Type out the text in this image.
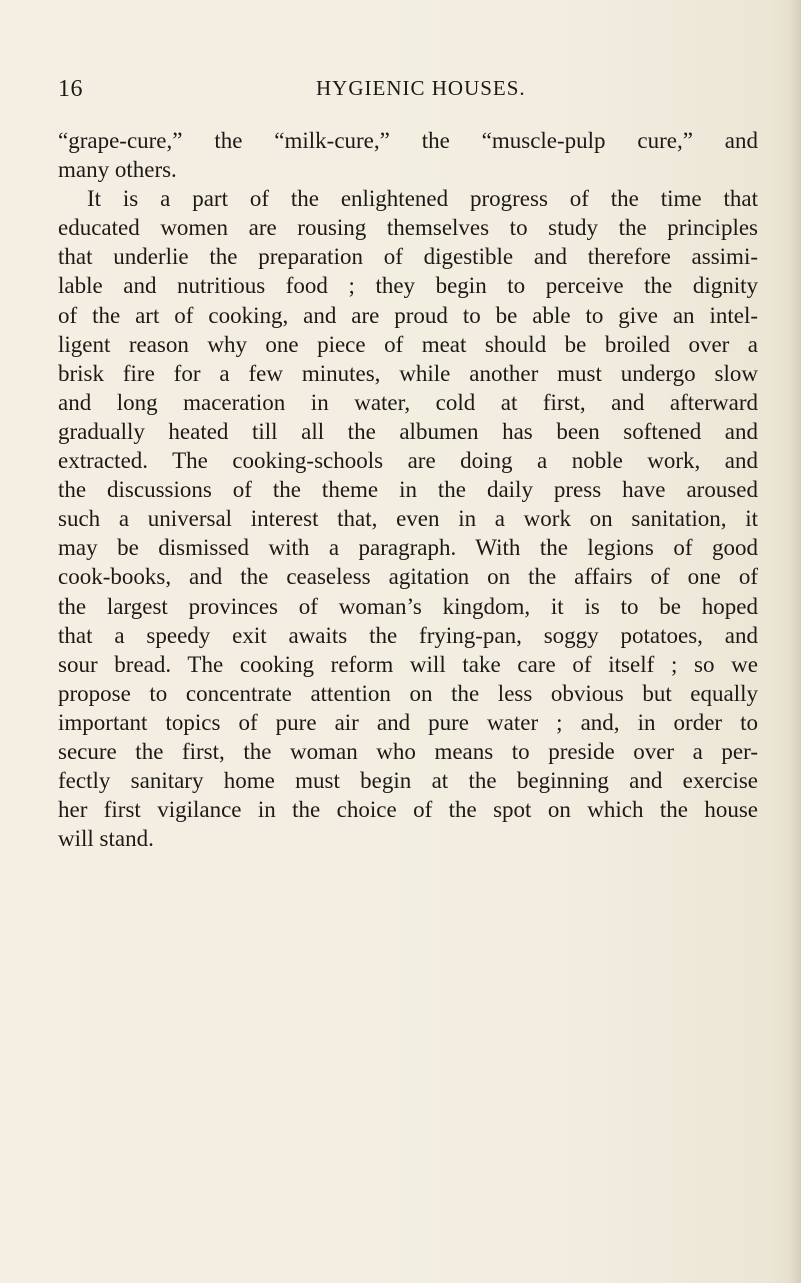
16	HYGIENIC HOUSES.
“grape-cure,” the “milk-cure,” the “muscle-pulp cure,” and
many others.
It is a part of the enlightened progress of the time that
educated women are rousing themselves to study the principles
that underlie the preparation of digestible and therefore assimi-
lable and nutritious food ; they begin to perceive the dignity
of the art of cooking, and are proud to be able to give an intel-
ligent reason why one piece of meat should be broiled over a
brisk fire for a few minutes, while another must undergo slow
and long maceration in water, cold at first, and afterward
gradually heated till all the albumen has been softened and
extracted. The cooking-schools are doing a noble work, and
the discussions of the theme in the daily press have aroused
such a universal interest that, even in a work on sanitation, it
may be dismissed with a paragraph. With the legions of good
cook-books, and the ceaseless agitation on the affairs of one of
the largest provinces of woman’s kingdom, it is to be hoped
that a speedy exit awaits the frying-pan, soggy potatoes, and
sour bread. The cooking reform will take care of itself ; so we
propose to concentrate attention on the less obvious but equally
important topics of pure air and pure water ; and, in order to
secure the first, the woman who means to preside over a per-
fectly sanitary home must begin at the beginning and exercise
her first vigilance in the choice of the spot on which the house
will stand.
